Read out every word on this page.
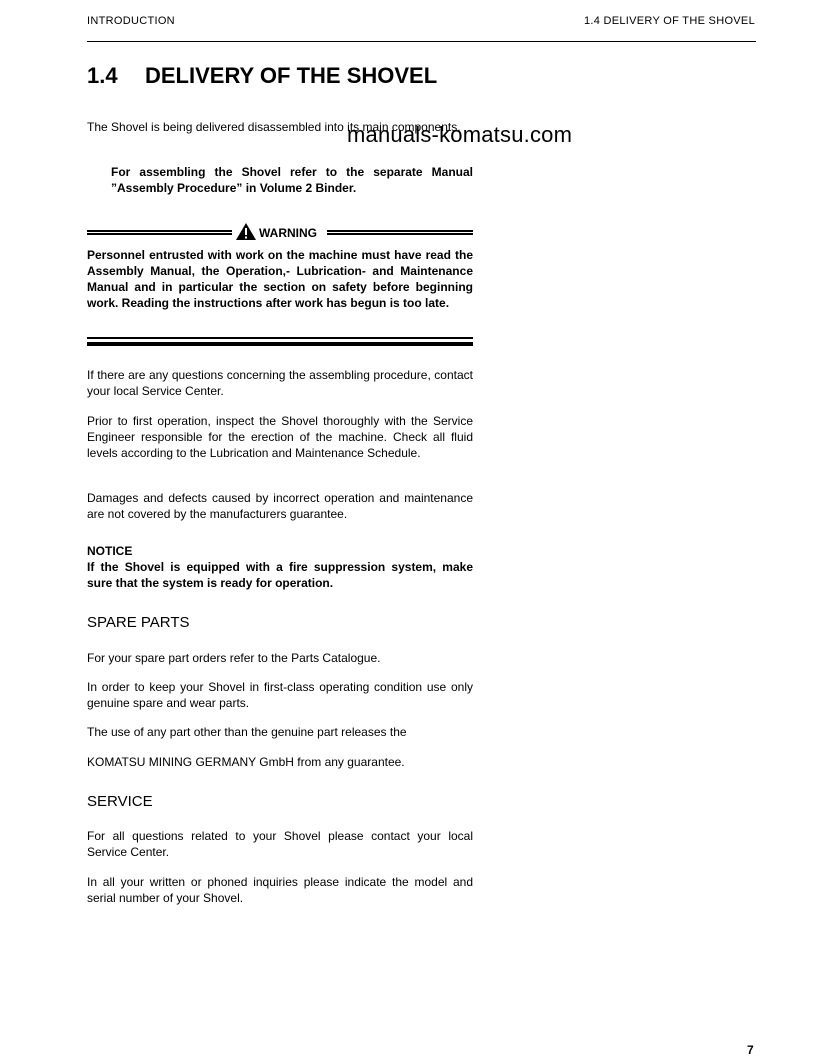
INTRODUCTION	1.4 DELIVERY OF THE SHOVEL
1.4 DELIVERY OF THE SHOVEL
The Shovel is being delivered disassembled into its main components.
manuals-komatsu.com
For assembling the Shovel refer to the separate Manual ”Assembly Procedure” in Volume 2 Binder.
WARNING
Personnel entrusted with work on the machine must have read the Assembly Manual, the Operation,- Lubrication- and Maintenance Manual and in particular the section on safety before beginning work. Reading the instructions after work has begun is too late.
If there are any questions concerning the assembling procedure, contact your local Service Center.
Prior to first operation, inspect the Shovel thoroughly with the Service Engineer responsible for the erection of the machine. Check all fluid levels according to the Lubrication and Maintenance Schedule.
Damages and defects caused by incorrect operation and maintenance are not covered by the manufacturers guarantee.
NOTICE
If the Shovel is equipped with a fire suppression system, make sure that the system is ready for operation.
SPARE PARTS
For your spare part orders refer to the Parts Catalogue.
In order to keep your Shovel in first-class operating condition use only genuine spare and wear parts.
The use of any part other than the genuine part releases the
KOMATSU MINING GERMANY GmbH from any guarantee.
SERVICE
For all questions related to your Shovel please contact your local Service Center.
In all your written or phoned inquiries please indicate the model and serial number of your Shovel.
7
